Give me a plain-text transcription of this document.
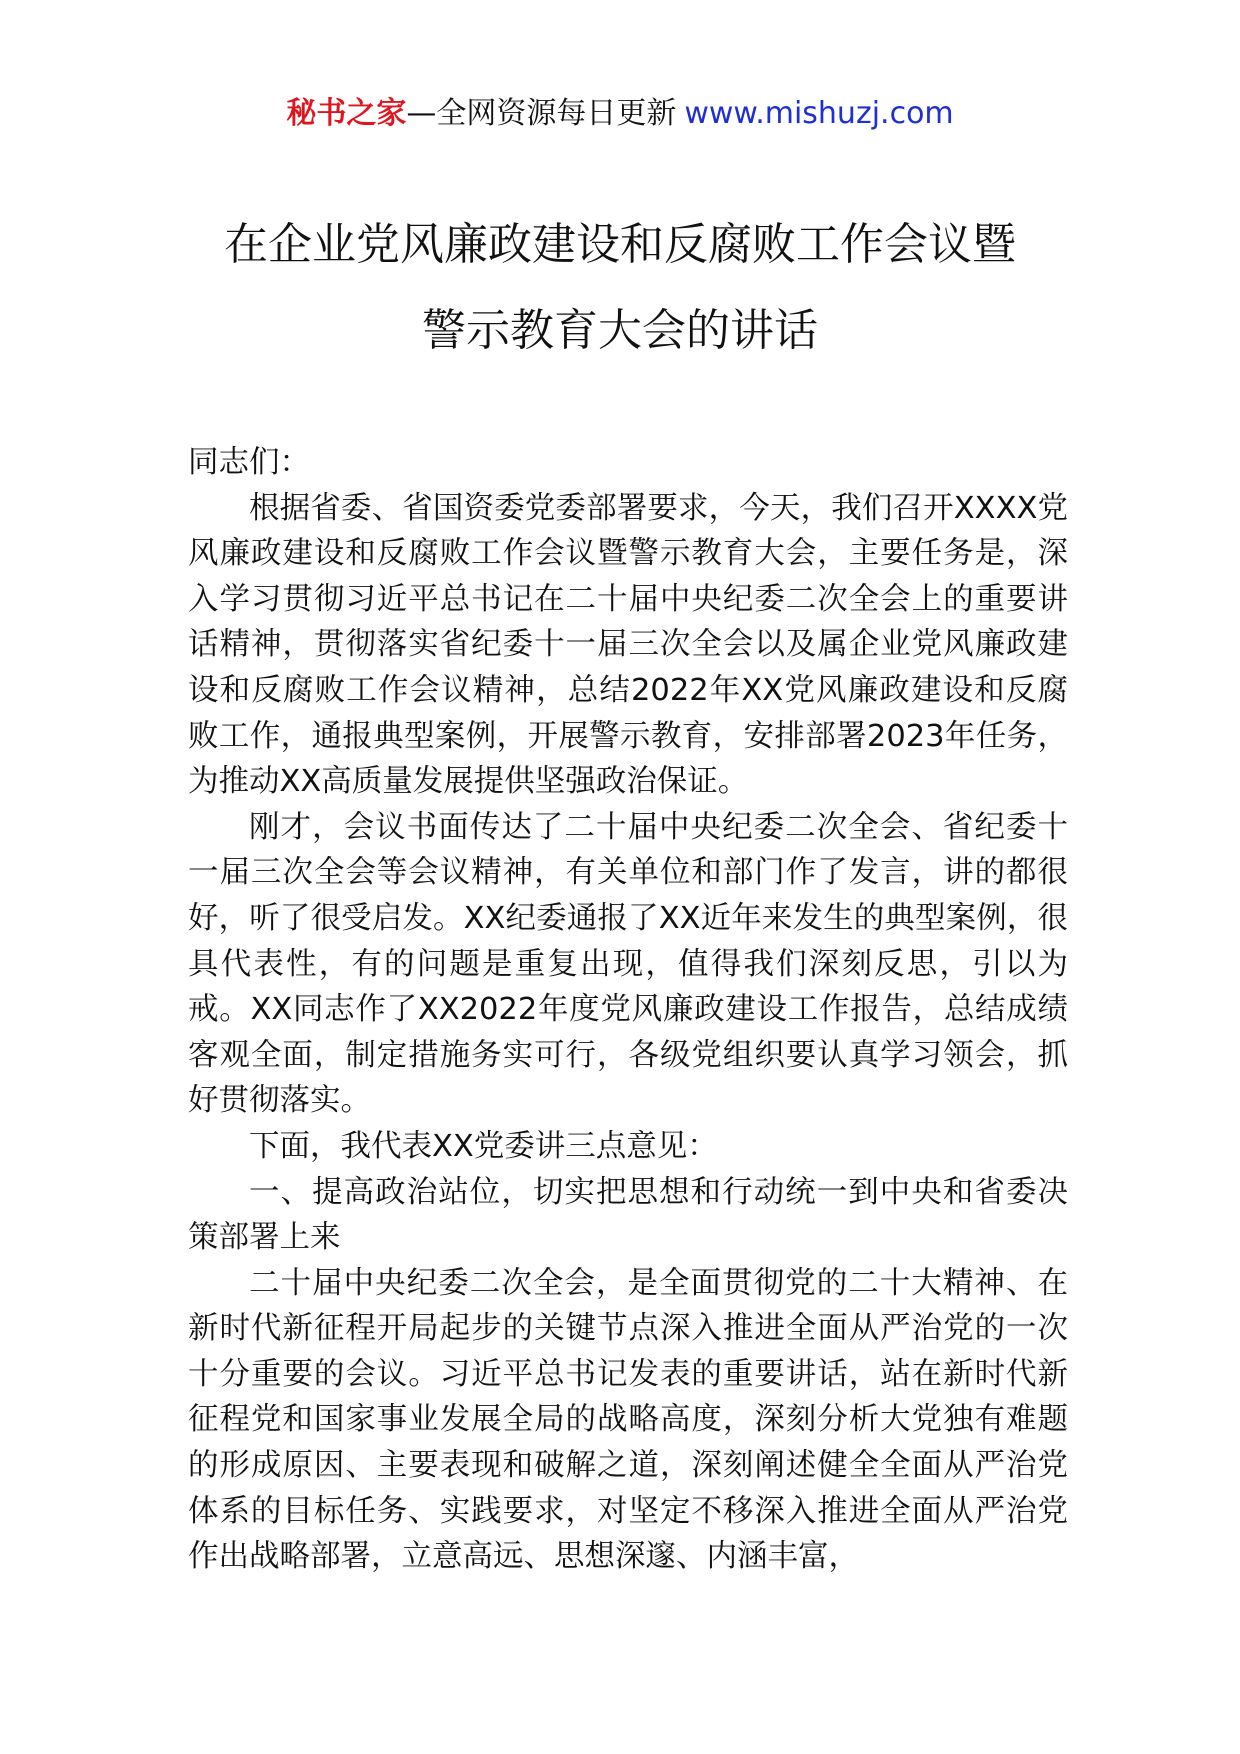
秘书之家—全网资源每日更新 www.mishuzj.com
在企业党风廉政建设和反腐败工作会议暨
警示教育大会的讲话

同志们：

根据省委、省国资委党委部署要求，今天，我们召开XXXX党风廉政建设和反腐败工作会议暨警示教育大会，主要任务是，深入学习贯彻习近平总书记在二十届中央纪委二次全会上的重要讲话精神，贯彻落实省纪委十一届三次全会以及属企业党风廉政建设和反腐败工作会议精神，总结2022年XX党风廉政建设和反腐败工作，通报典型案例，开展警示教育，安排部署2023年任务，为推动XX高质量发展提供坚强政治保证。

刚才，会议书面传达了二十届中央纪委二次全会、省纪委十一届三次全会等会议精神，有关单位和部门作了发言，讲的都很好，听了很受启发。XX纪委通报了XX近年来发生的典型案例，很具代表性，有的问题是重复出现，值得我们深刻反思，引以为戒。XX同志作了XX2022年度党风廉政建设工作报告，总结成绩客观全面，制定措施务实可行，各级党组织要认真学习领会，抓好贯彻落实。

下面，我代表XX党委讲三点意见：

一、提高政治站位，切实把思想和行动统一到中央和省委决策部署上来

二十届中央纪委二次全会，是全面贯彻党的二十大精神、在新时代新征程开局起步的关键节点深入推进全面从严治党的一次十分重要的会议。习近平总书记发表的重要讲话，站在新时代新征程党和国家事业发展全局的战略高度，深刻分析大党独有难题的形成原因、主要表现和破解之道，深刻阐述健全全面从严治党体系的目标任务、实践要求，对坚定不移深入推进全面从严治党作出战略部署，立意高远、思想深邃、内涵丰富，
